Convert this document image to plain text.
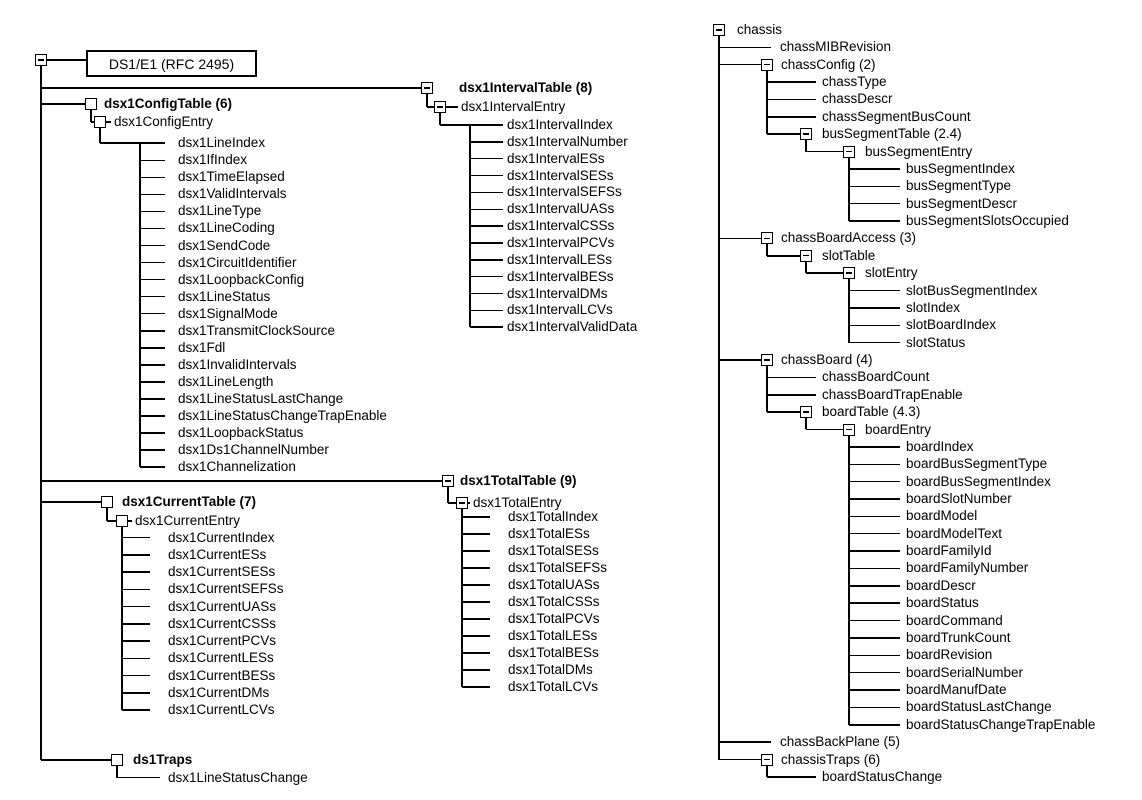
DS1/E1 (RFC 2495)
dsx1ConfigTable (6)
dsx1ConfigEntry
dsx1LineIndex
dsx1IfIndex
dsx1TimeElapsed
dsx1ValidIntervals
dsx1LineType
dsx1LineCoding
dsx1SendCode
dsx1CircuitIdentifier
dsx1LoopbackConfig
dsx1LineStatus
dsx1SignalMode
dsx1TransmitClockSource
dsx1Fdl
dsx1InvalidIntervals
dsx1LineLength
dsx1LineStatusLastChange
dsx1LineStatusChangeTrapEnable
dsx1LoopbackStatus
dsx1Ds1ChannelNumber
dsx1Channelization
dsx1IntervalTable (8)
dsx1IntervalEntry
dsx1IntervalIndex
dsx1IntervalNumber
dsx1IntervalESs
dsx1IntervalSESs
dsx1IntervalSEFSs
dsx1IntervalUASs
dsx1IntervalCSSs
dsx1IntervalPCVs
dsx1IntervalLESs
dsx1IntervalBESs
dsx1IntervalDMs
dsx1IntervalLCVs
dsx1IntervalValidData
dsx1CurrentTable (7)
dsx1CurrentEntry
dsx1CurrentIndex
dsx1CurrentESs
dsx1CurrentSESs
dsx1CurrentSEFSs
dsx1CurrentUASs
dsx1CurrentCSSs
dsx1CurrentPCVs
dsx1CurrentLESs
dsx1CurrentBESs
dsx1CurrentDMs
dsx1CurrentLCVs
dsx1TotalTable (9)
dsx1TotalEntry
dsx1TotalIndex
dsx1TotalESs
dsx1TotalSESs
dsx1TotalSEFSs
dsx1TotalUASs
dsx1TotalCSSs
dsx1TotalPCVs
dsx1TotalLESs
dsx1TotalBESs
dsx1TotalDMs
dsx1TotalLCVs
ds1Traps
dsx1LineStatusChange
chassis
chassMIBRevision
chassConfig (2)
chassType
chassDescr
chassSegmentBusCount
busSegmentTable (2.4)
busSegmentEntry
busSegmentIndex
busSegmentType
busSegmentDescr
busSegmentSlotsOccupied
chassBoardAccess (3)
slotTable
slotEntry
slotBusSegmentIndex
slotIndex
slotBoardIndex
slotStatus
chassBoard (4)
chassBoardCount
chassBoardTrapEnable
boardTable (4.3)
boardEntry
boardIndex
boardBusSegmentType
boardBusSegmentIndex
boardSlotNumber
boardModel
boardModelText
boardFamilyId
boardFamilyNumber
boardDescr
boardStatus
boardCommand
boardTrunkCount
boardRevision
boardSerialNumber
boardManufDate
boardStatusLastChange
boardStatusChangeTrapEnable
chassBackPlane (5)
chassisTraps (6)
boardStatusChange
